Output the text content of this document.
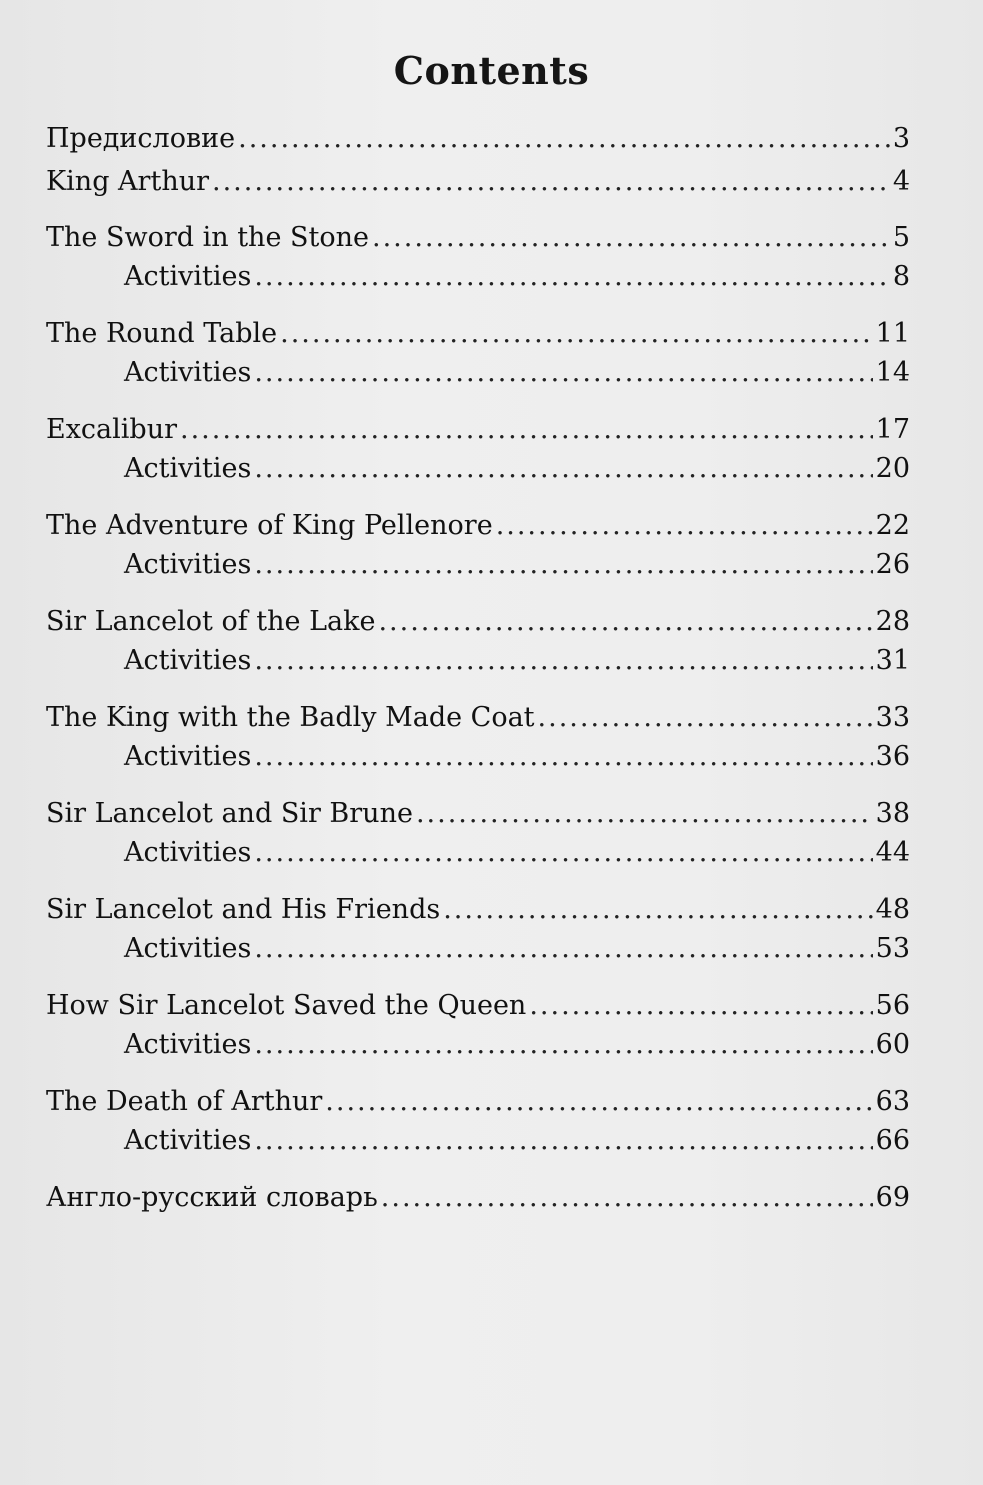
Contents
Предисловие .....	3
King Arthur .....	4
The Sword in the Stone .....	5
Activities .....	8
The Round Table .....	11
Activities .....	14
Excalibur .....	17
Activities .....	20
The Adventure of King Pellenore .....	22
Activities .....	26
Sir Lancelot of the Lake .....	28
Activities .....	31
The King with the Badly Made Coat .....	33
Activities .....	36
Sir Lancelot and Sir Brune .....	38
Activities .....	44
Sir Lancelot and His Friends .....	48
Activities .....	53
How Sir Lancelot Saved the Queen .....	56
Activities .....	60
The Death of Arthur .....	63
Activities .....	66
Англо-русский словарь .....	69
